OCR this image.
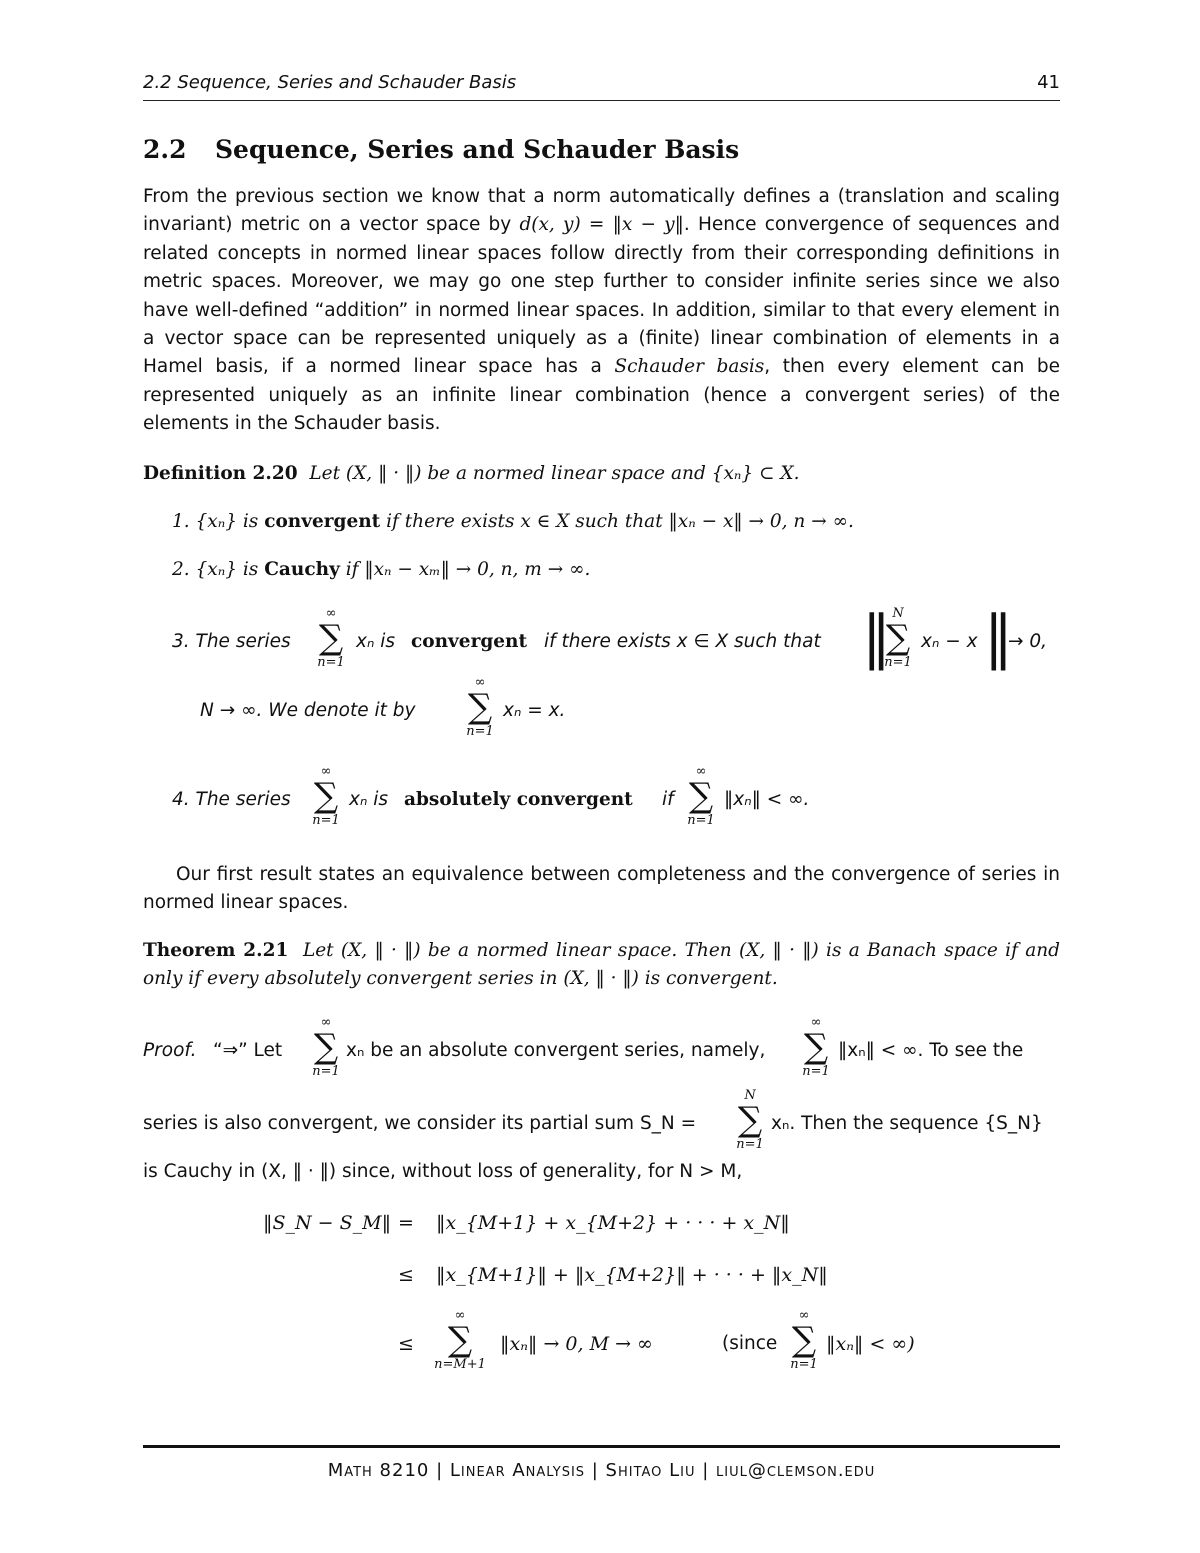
2.2 Sequence, Series and Schauder Basis	41
2.2 Sequence, Series and Schauder Basis
From the previous section we know that a norm automatically defines a (translation and scaling invariant) metric on a vector space by d(x, y) = ‖x − y‖. Hence convergence of sequences and related concepts in normed linear spaces follow directly from their corresponding definitions in metric spaces. Moreover, we may go one step further to consider infinite series since we also have well-defined “addition” in normed linear spaces. In addition, similar to that every element in a vector space can be represented uniquely as a (finite) linear combination of elements in a Hamel basis, if a normed linear space has a Schauder basis, then every element can be represented uniquely as an infinite linear combination (hence a convergent series) of the elements in the Schauder basis.
Definition 2.20 Let (X, ‖ · ‖) be a normed linear space and {xₙ} ⊂ X.
1. {xₙ} is convergent if there exists x ∈ X such that ‖xₙ − x‖ → 0, n → ∞.
2. {xₙ} is Cauchy if ‖xₙ − xₘ‖ → 0, n, m → ∞.
3. The series
∞
∑
n=1
xₙ is convergent if there exists x ∈ X such that ‖ N
∑
n=1
xₙ − x ‖
→ 0,
N → ∞. We denote it by
∞
∑
n=1
xₙ = x.
4. The series
∞
∑
n=1
xₙ is absolutely convergent if
∞
∑
n=1
‖xₙ‖ < ∞.
Our first result states an equivalence between completeness and the convergence of series in normed linear spaces.
Theorem 2.21 Let (X, ‖ · ‖) be a normed linear space. Then (X, ‖ · ‖) is a Banach space if and only if every absolutely convergent series in (X, ‖ · ‖) is convergent.
Proof. “⇒” Let
∞
∑
n=1
xₙ be an absolute convergent series, namely,
∞
∑
n=1
‖xₙ‖ < ∞. To see the
series is also convergent, we consider its partial sum S_N =
N
∑
n=1
xₙ. Then the sequence {S_N}
is Cauchy in (X, ‖ · ‖) since, without loss of generality, for N > M,
‖S_N − S_M‖ = ‖x_{M+1} + x_{M+2} + · · · + x_N‖
≤ ‖x_{M+1}‖ + ‖x_{M+2}‖ + · · · + ‖x_N‖
≤
∞
∑
n=M+1
‖xₙ‖ → 0, M → ∞	(since
∞
∑
n=1
‖xₙ‖ < ∞)
Math 8210 | Linear Analysis | Shitao Liu | liul@clemson.edu
